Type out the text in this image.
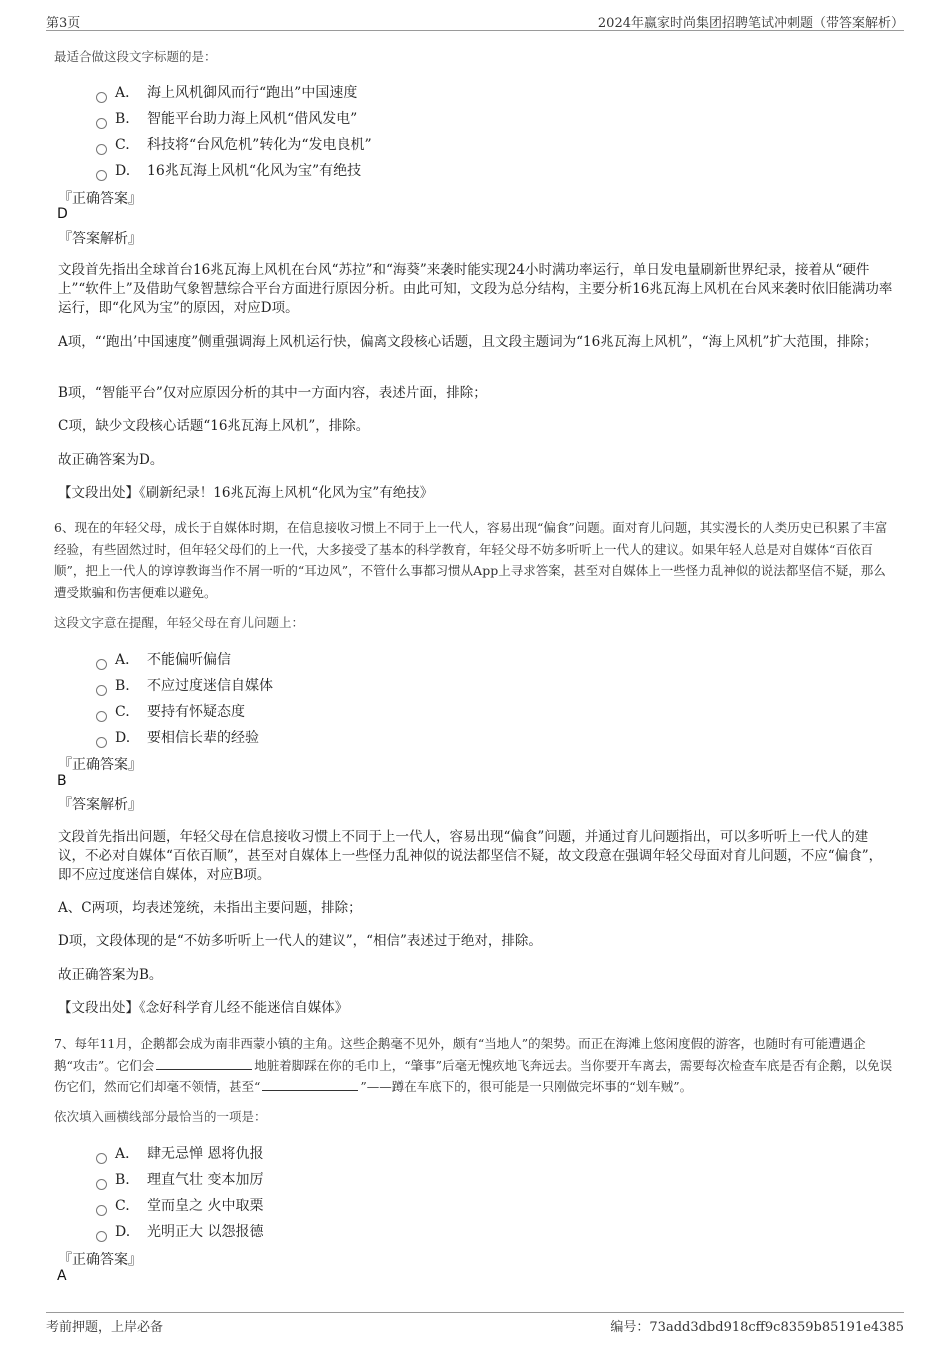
第3页	2024年嬴家时尚集团招聘笔试冲刺题（带答案解析）
最适合做这段文字标题的是：
A． 海上风机御风而行“跑出”中国速度
B. 智能平台助力海上风机“借风发电”
C. 科技将“台风危机”转化为“发电良机”
D. 16兆瓦海上风机“化风为宝”有绝技
『正确答案』
D
『答案解析』
文段首先指出全球首台16兆瓦海上风机在台风“苏拉”和“海葵”来袭时能实现24小时满功率运行，单日发电量刷新世界纪录，接着从“硬件上”“软件上”及借助气象智慧综合平台方面进行原因分析。由此可知，文段为总分结构，主要分析16兆瓦海上风机在台风来袭时依旧能满功率运行，即“化风为宝”的原因，对应D项。
A项，“‘跑出’中国速度”侧重强调海上风机运行快，偏离文段核心话题，且文段主题词为“16兆瓦海上风机”，“海上风机”扩大范围，排除；
B项，“智能平台”仅对应原因分析的其中一方面内容，表述片面，排除；
C项，缺少文段核心话题“16兆瓦海上风机”，排除。
故正确答案为D。
【文段出处】《刷新纪录！16兆瓦海上风机“化风为宝”有绝技》
6、现在的年轻父母，成长于自媒体时期，在信息接收习惯上不同于上一代人，容易出现“偏食”问题。面对育儿问题，其实漫长的人类历史已积累了丰富经验，有些固然过时，但年轻父母们的上一代，大多接受了基本的科学教育，年轻父母不妨多听听上一代人的建议。如果年轻人总是对自媒体“百依百顺”，把上一代人的谆谆教诲当作不屑一听的“耳边风”，不管什么事都习惯从App上寻求答案，甚至对自媒体上一些怪力乱神似的说法都坚信不疑，那么遭受欺骗和伤害便难以避免。
这段文字意在提醒，年轻父母在育儿问题上：
A． 不能偏听偏信
B. 不应过度迷信自媒体
C. 要持有怀疑态度
D. 要相信长辈的经验
『正确答案』
B
『答案解析』
文段首先指出问题，年轻父母在信息接收习惯上不同于上一代人，容易出现“偏食”问题，并通过育儿问题指出，可以多听听上一代人的建议，不必对自媒体“百依百顺”，甚至对自媒体上一些怪力乱神似的说法都坚信不疑，故文段意在强调年轻父母面对育儿问题，不应“偏食”，即不应过度迷信自媒体，对应B项。
A、C两项，均表述笼统，未指出主要问题，排除；
D项，文段体现的是“不妨多听听上一代人的建议”，“相信”表述过于绝对，排除。
故正确答案为B。
【文段出处】《念好科学育儿经不能迷信自媒体》
7、每年11月，企鹅都会成为南非西蒙小镇的主角。这些企鹅毫不见外，颇有“当地人”的架势。而正在海滩上悠闲度假的游客，也随时有可能遭遇企鹅“攻击”。它们会	地脏着脚踩在你的毛巾上，“肇事”后毫无愧疚地飞奔远去。当你要开车离去，需要每次检查车底是否有企鹅，以免误伤它们，然而它们却毫不领情，甚至“	”——蹲在车底下的，很可能是一只刚做完坏事的“划车贼”。
依次填入画横线部分最恰当的一项是：
A． 肆无忌惮 恩将仇报
B. 理直气壮 变本加厉
C. 堂而皇之 火中取栗
D. 光明正大 以怨报德
『正确答案』
A
考前押题，上岸必备	编号：73add3dbd918cff9c8359b85191e4385
